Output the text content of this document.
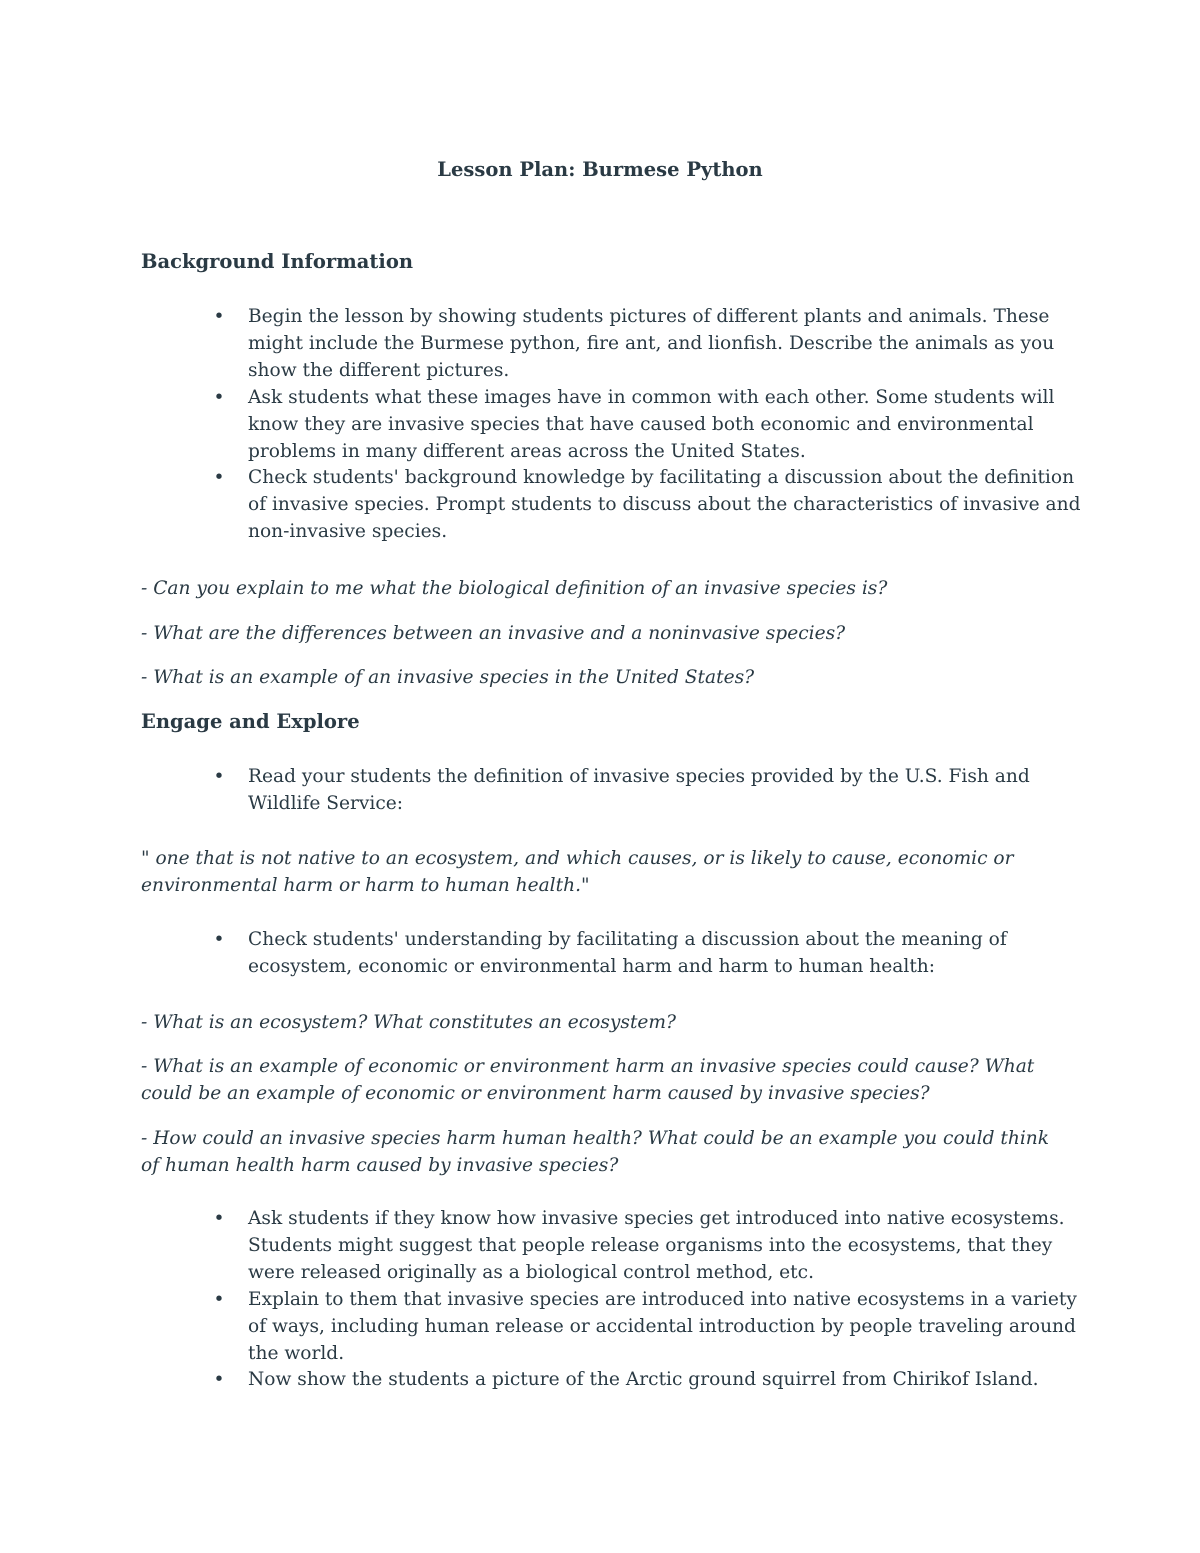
Lesson Plan: Burmese Python
Background Information
• Begin the lesson by showing students pictures of different plants and animals. These might include the Burmese python, fire ant, and lionfish. Describe the animals as you show the different pictures.
• Ask students what these images have in common with each other. Some students will know they are invasive species that have caused both economic and environmental problems in many different areas across the United States.
• Check students' background knowledge by facilitating a discussion about the definition of invasive species. Prompt students to discuss about the characteristics of invasive and non-invasive species.

- Can you explain to me what the biological definition of an invasive species is?

- What are the differences between an invasive and a noninvasive species?

- What is an example of an invasive species in the United States?

Engage and Explore
• Read your students the definition of invasive species provided by the U.S. Fish and Wildlife Service:

" one that is not native to an ecosystem, and which causes, or is likely to cause, economic or environmental harm or harm to human health."

• Check students' understanding by facilitating a discussion about the meaning of ecosystem, economic or environmental harm and harm to human health:

- What is an ecosystem? What constitutes an ecosystem?

- What is an example of economic or environment harm an invasive species could cause? What could be an example of economic or environment harm caused by invasive species?

- How could an invasive species harm human health? What could be an example you could think of human health harm caused by invasive species?

• Ask students if they know how invasive species get introduced into native ecosystems. Students might suggest that people release organisms into the ecosystems, that they were released originally as a biological control method, etc.
• Explain to them that invasive species are introduced into native ecosystems in a variety of ways, including human release or accidental introduction by people traveling around the world.
• Now show the students a picture of the Arctic ground squirrel from Chirikof Island.
